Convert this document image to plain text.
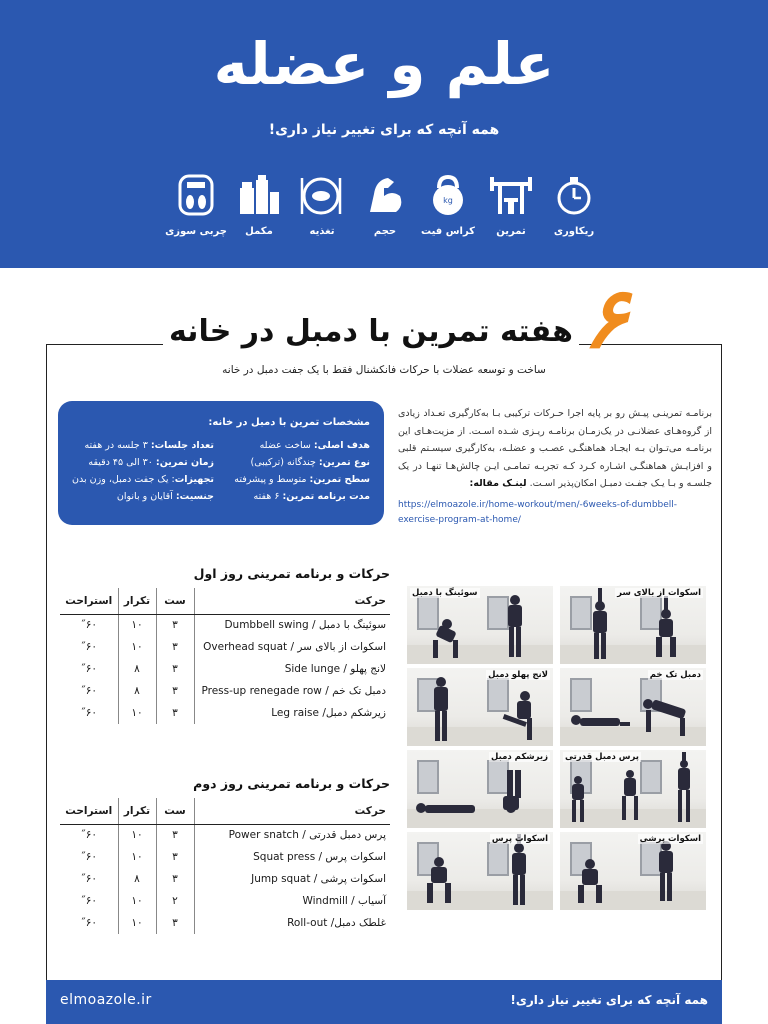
علم و عضله
همه آنچه که برای تغییر نیاز داری!
ریکاوری
تمرین
kg
کراس فیت
حجم
تغذیه
مکمل
چربی سوزی
۶
هفته تمرین با دمبل در خانه
ساخت و توسعه عضلات با حرکات فانکشنال فقط با یک جفت دمبل در خانه
مشخصات تمرین با دمبل در خانه:
هدف اصلی: ساخت عضله
نوع تمرین: چندگانه (ترکیبی)
سطح تمرین: متوسط و پیشرفته
مدت برنامه تمرین: ۶ هفته
تعداد جلسات: ۳ جلسه در هفته
زمان تمرین: ۳۰ الی ۴۵ دقیقه
تجهیزات: یک جفت دمبل، وزن بدن
جنسیت: آقایان و بانوان
برنامـه تمرینـی پیـش رو بر پایه اجرا حـرکات ترکیبی بـا به‌کارگیری تعـداد زیادی از گروه‌هـای عضلانـی در یک‌زمـان برنامـه ریـزی شـده اسـت. از مزیت‌هـای این برنامـه می‌تـوان بـه ایجـاد هماهنگـی عصـب و عضلـه، به‌کارگیری سیسـتم قلبی و افزایـش هماهنگـی اشـاره کـرد کـه تجربـه تمامـی ایـن چالش‌هـا تنهـا در یک جلسـه و بـا یـک جفـت دمبـل امکان‌پذیر اسـت. لینـک مقاله:
https://elmoazole.ir/home-workout/men/-6weeks-of-dumbbell-exercise-program-at-home/
حرکات و برنامه تمرینی روز اول
حرکت	ست	تکرار	استراحت
سوئینگ با دمبل / Dumbbell swing	۳	۱۰	۶۰˝
اسکوات از بالای سر / Overhead squat	۳	۱۰	۶۰˝
لانج پهلو / Side lunge	۳	۸	۶۰˝
دمبل تک خم / Press-up renegade row	۳	۸	۶۰˝
زیرشکم دمبل/ Leg raise	۳	۱۰	۶۰˝
حرکات و برنامه تمرینی روز دوم
حرکت	ست	تکرار	استراحت
پرس دمبل قدرتی / Power snatch	۳	۱۰	۶۰˝
اسکوات پرس / Squat press	۳	۱۰	۶۰˝
اسکوات پرشی / Jump squat	۳	۸	۶۰˝
آسیاب / Windmill	۲	۱۰	۶۰˝
غلطک دمبل/ Roll-out	۳	۱۰	۶۰˝
سوئینگ با دمبل	اسکوات از بالای سر
لانج پهلو دمبل	دمبل تک خم
زیرشکم دمبل پرس دمبل قدرتی
اسکوات پرس	اسکوات پرشی
elmoazole.ir	همه آنچه که برای تغییر نیاز داری!
